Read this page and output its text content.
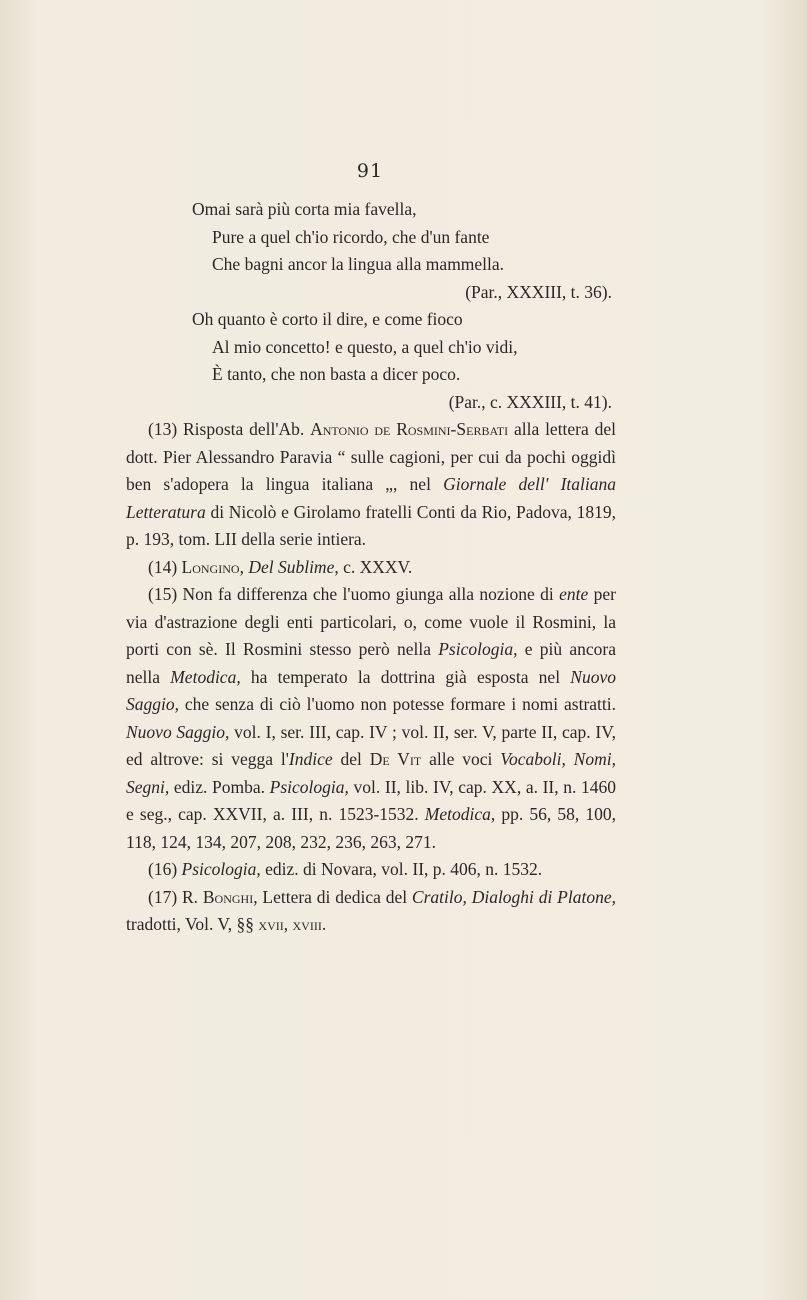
91
Omai sarà più corta mia favella,
Pure a quel ch'io ricordo, che d'un fante
Che bagni ancor la lingua alla mammella.
(Par., XXXIII, t. 36).
Oh quanto è corto il dire, e come fioco
Al mio concetto! e questo, a quel ch'io vidi,
È tanto, che non basta a dicer poco.
(Par., c. XXXIII, t. 41).

(13) Risposta dell'Ab. Antonio de Rosmini-Serbati alla lettera del dott. Pier Alessandro Paravia “ sulle cagioni, per cui da pochi oggidì ben s'adopera la lingua italiana „, nel Giornale dell' Italiana Letteratura di Nicolò e Girolamo fratelli Conti da Rio, Padova, 1819, p. 193, tom. LII della serie intiera.

(14) Longino, Del Sublime, c. XXXV.

(15) Non fa differenza che l'uomo giunga alla nozione di ente per via d'astrazione degli enti particolari, o, come vuole il Rosmini, la porti con sè. Il Rosmini stesso però nella Psicologia, e più ancora nella Metodica, ha temperato la dottrina già esposta nel Nuovo Saggio, che senza di ciò l'uomo non potesse formare i nomi astratti. Nuovo Saggio, vol. I, ser. III, cap. IV ; vol. II, ser. V, parte II, cap. IV, ed altrove: si vegga l'Indice del De Vit alle voci Vocaboli, Nomi, Segni, ediz. Pomba. Psicologia, vol. II, lib. IV, cap. XX, a. II, n. 1460 e seg., cap. XXVII, a. III, n. 1523-1532. Metodica, pp. 56, 58, 100, 118, 124, 134, 207, 208, 232, 236, 263, 271.

(16) Psicologia, ediz. di Novara, vol. II, p. 406, n. 1532.

(17) R. Bonghi, Lettera di dedica del Cratilo, Dialoghi di Platone, tradotti, Vol. V, §§ xvii, xviii.
